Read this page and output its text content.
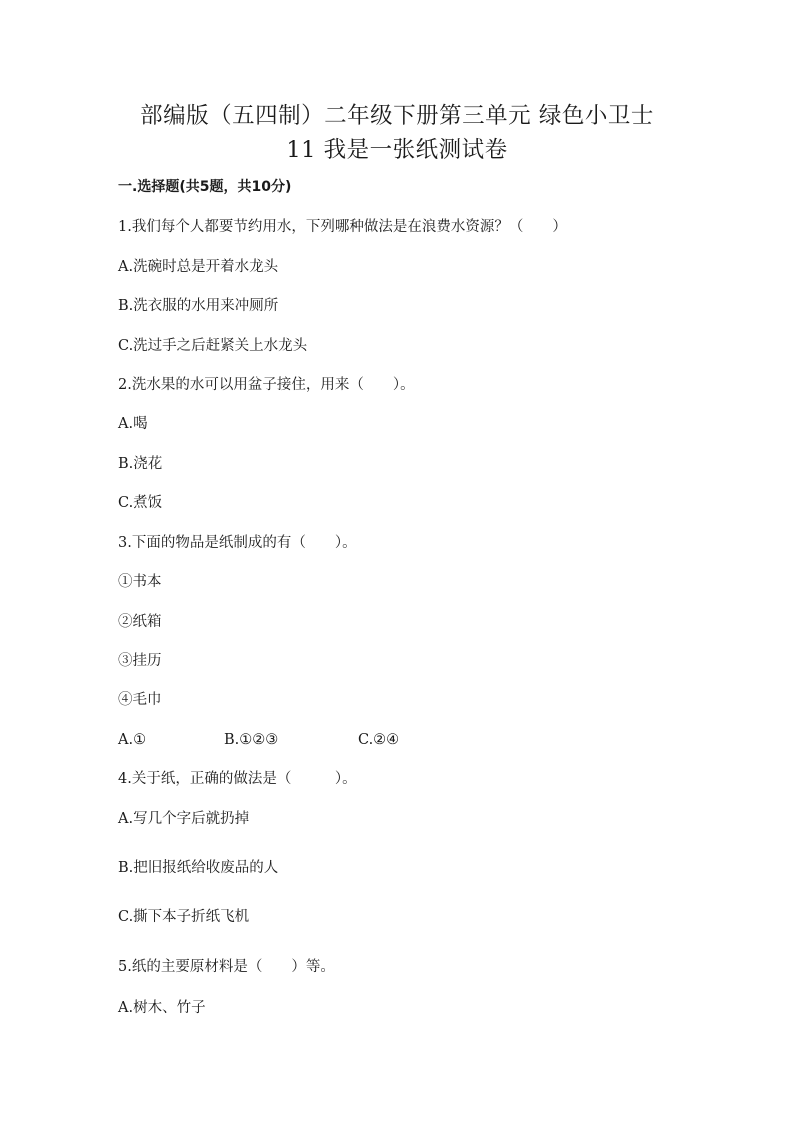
部编版（五四制）二年级下册第三单元 绿色小卫士
11 我是一张纸测试卷
一.选择题(共5题，共10分)
1.我们每个人都要节约用水，下列哪种做法是在浪费水资源？（　　）
A.洗碗时总是开着水龙头
B.洗衣服的水用来冲厕所
C.洗过手之后赶紧关上水龙头
2.洗水果的水可以用盆子接住，用来（　　）。
A.喝
B.浇花
C.煮饭
3.下面的物品是纸制成的有（　　）。
①书本
②纸箱
③挂历
④毛巾
A.①	B.①②③	C.②④
4.关于纸，正确的做法是（　　　）。
A.写几个字后就扔掉
B.把旧报纸给收废品的人
C.撕下本子折纸飞机
5.纸的主要原材料是（　　）等。
A.树木、竹子
